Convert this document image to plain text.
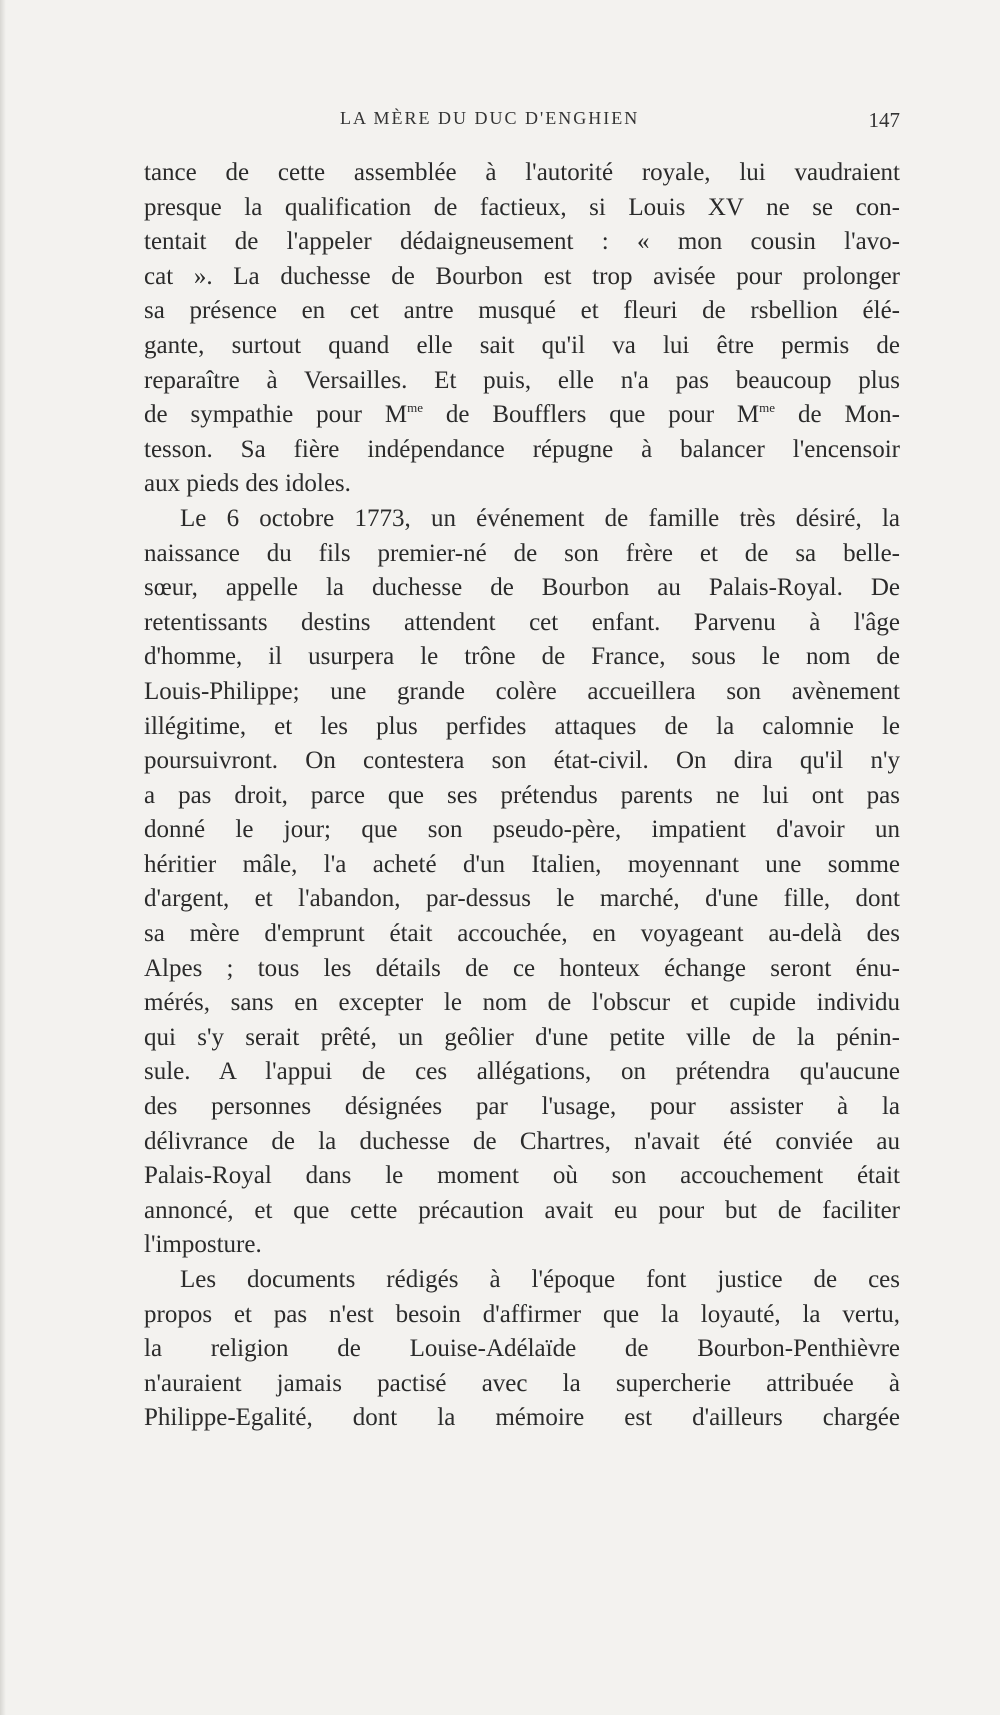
LA MÈRE DU DUC D'ENGHIEN	147
tance de cette assemblée à l'autorité royale, lui vaudraient
presque la qualification de factieux, si Louis XV ne se con-
tentait de l'appeler dédaigneusement : « mon cousin l'avo-
cat ». La duchesse de Bourbon est trop avisée pour prolonger
sa présence en cet antre musqué et fleuri de rsbellion élé-
gante, surtout quand elle sait qu'il va lui être permis de
reparaître à Versailles. Et puis, elle n'a pas beaucoup plus
de sympathie pour $M^{me}$ de Boufflers que pour $M^{me}$ de Mon-
tesson. Sa fière indépendance répugne à balancer l'encensoir
aux pieds des idoles.
Le 6 octobre 1773, un événement de famille très désiré, la
naissance du fils premier-né de son frère et de sa belle-
sœur, appelle la duchesse de Bourbon au Palais-Royal. De
retentissants destins attendent cet enfant. Parvenu à l'âge
d'homme, il usurpera le trône de France, sous le nom de
Louis-Philippe; une grande colère accueillera son avènement
illégitime, et les plus perfides attaques de la calomnie le
poursuivront. On contestera son état-civil. On dira qu'il n'y
a pas droit, parce que ses prétendus parents ne lui ont pas
donné le jour; que son pseudo-père, impatient d'avoir un
héritier mâle, l'a acheté d'un Italien, moyennant une somme
d'argent, et l'abandon, par-dessus le marché, d'une fille, dont
sa mère d'emprunt était accouchée, en voyageant au-delà des
Alpes ; tous les détails de ce honteux échange seront énu-
mérés, sans en excepter le nom de l'obscur et cupide individu
qui s'y serait prêté, un geôlier d'une petite ville de la pénin-
sule. A l'appui de ces allégations, on prétendra qu'aucune
des personnes désignées par l'usage, pour assister à la
délivrance de la duchesse de Chartres, n'avait été conviée au
Palais-Royal dans le moment où son accouchement était
annoncé, et que cette précaution avait eu pour but de faciliter
l'imposture.
Les documents rédigés à l'époque font justice de ces
propos et pas n'est besoin d'affirmer que la loyauté, la vertu,
la religion de Louise-Adélaïde de Bourbon-Penthièvre
n'auraient jamais pactisé avec la supercherie attribuée à
Philippe-Egalité, dont la mémoire est d'ailleurs chargée
